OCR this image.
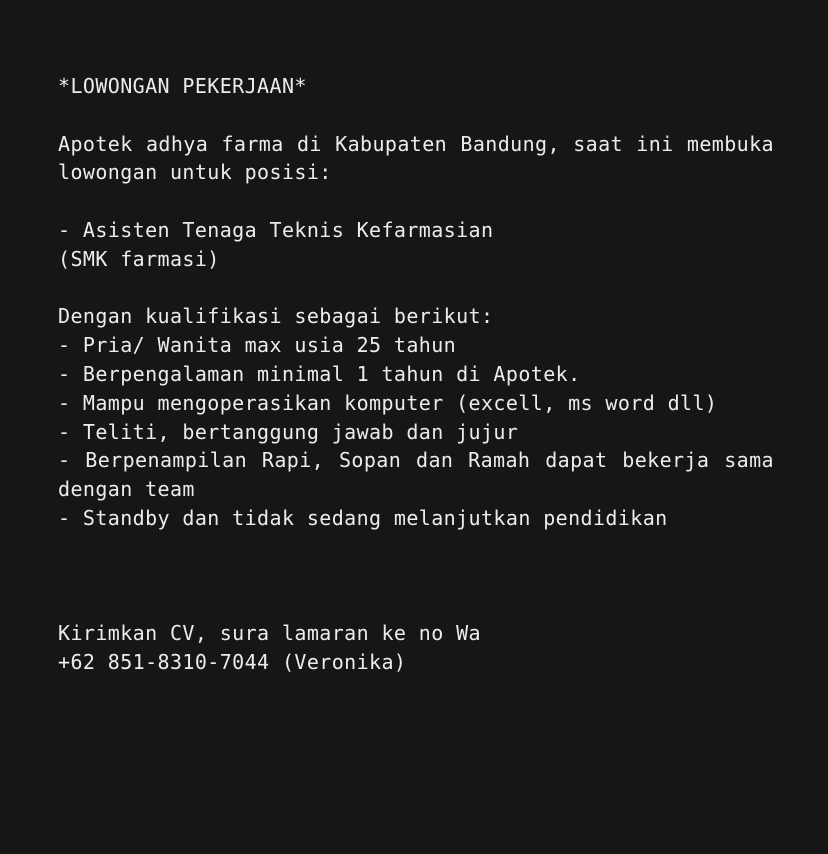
*LOWONGAN PEKERJAAN*
Apotek adhya farma di Kabupaten Bandung, saat ini membuka lowongan untuk posisi:
- Asisten Tenaga Teknis Kefarmasian
(SMK farmasi)
Dengan kualifikasi sebagai berikut:
- Pria/ Wanita max usia 25 tahun
- Berpengalaman minimal 1 tahun di Apotek.
- Mampu mengoperasikan komputer (excell, ms word dll)
- Teliti, bertanggung jawab dan jujur
- Berpenampilan Rapi, Sopan dan Ramah dapat bekerja sama dengan team
- Standby dan tidak sedang melanjutkan pendidikan
Kirimkan CV, sura lamaran ke no Wa
+62 851-8310-7044 (Veronika)
